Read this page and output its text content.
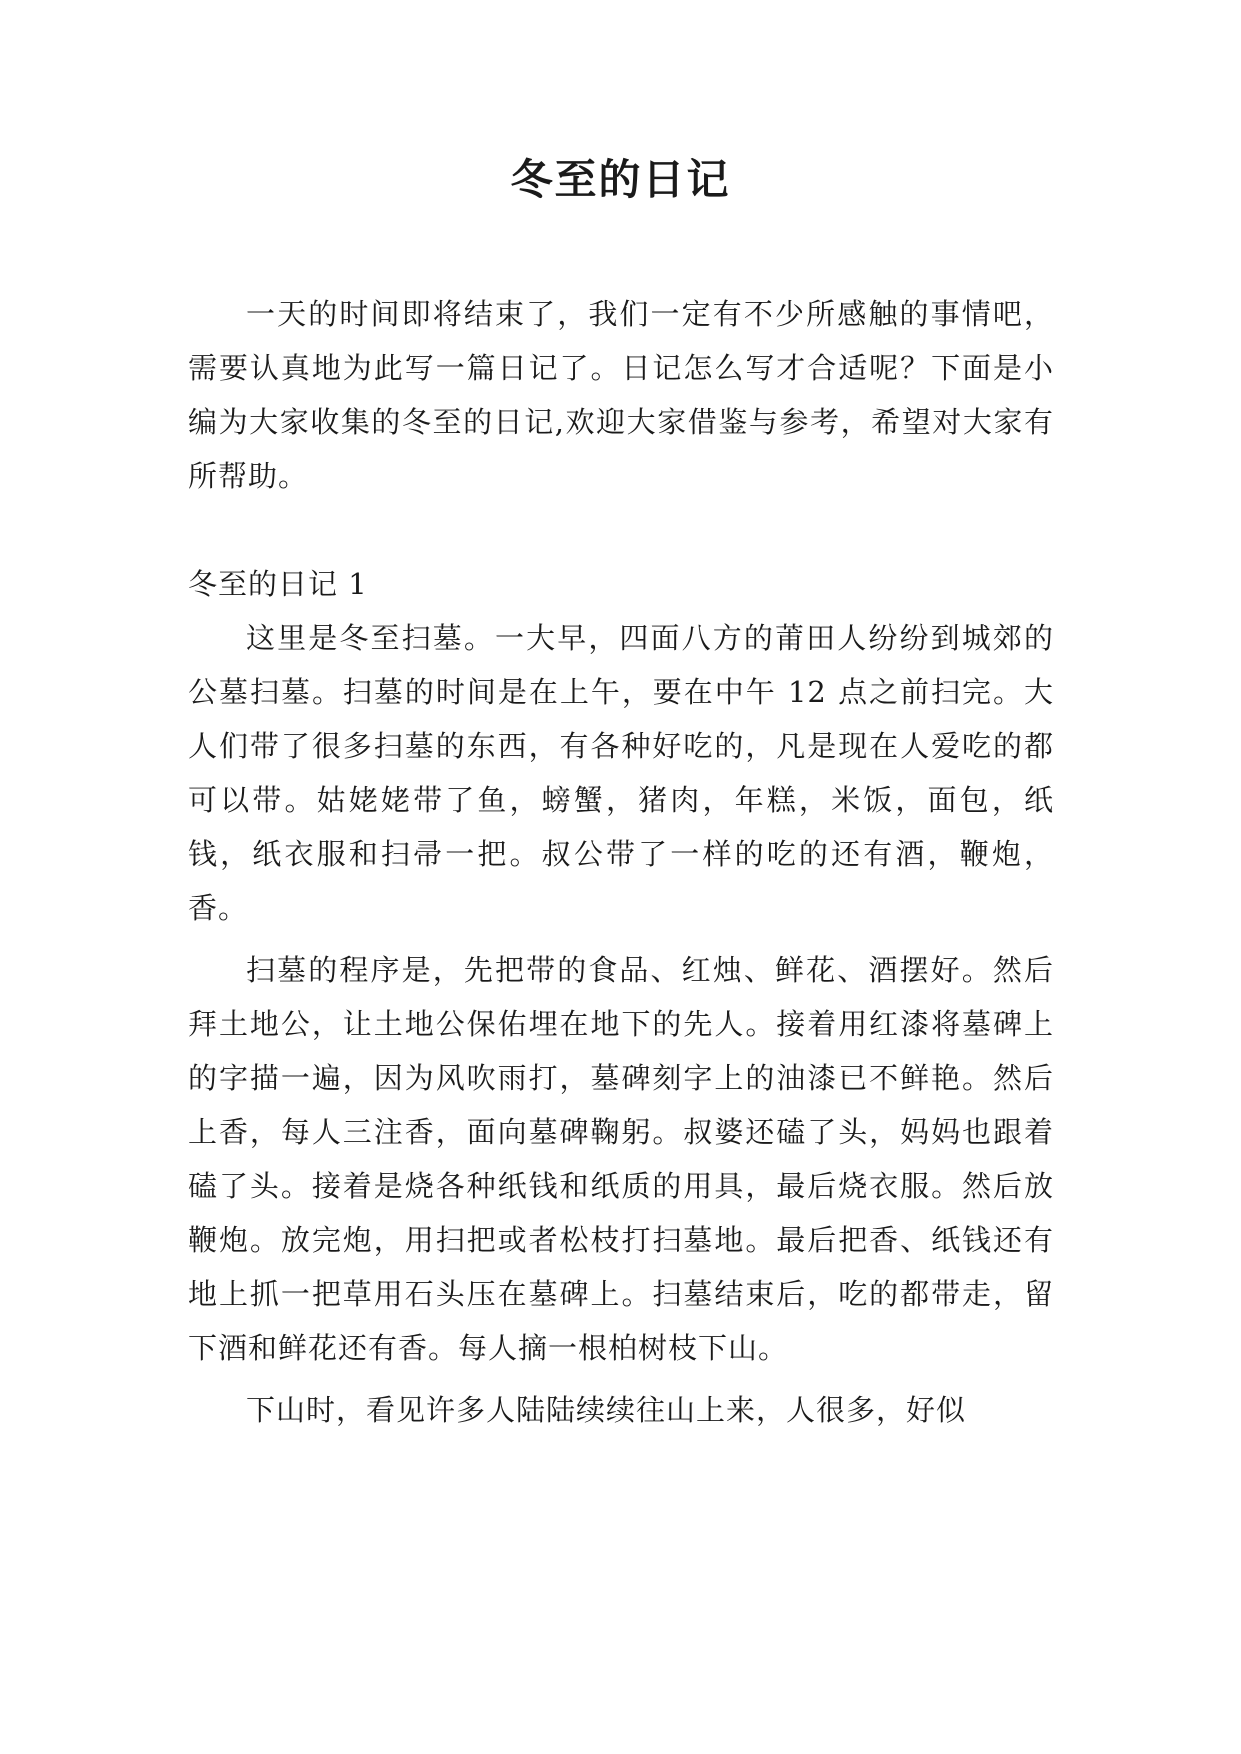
冬至的日记

一天的时间即将结束了，我们一定有不少所感触的事情吧，需要认真地为此写一篇日记了。日记怎么写才合适呢？下面是小编为大家收集的冬至的日记,欢迎大家借鉴与参考，希望对大家有所帮助。

冬至的日记 1

这里是冬至扫墓。一大早，四面八方的莆田人纷纷到城郊的公墓扫墓。扫墓的时间是在上午，要在中午 12 点之前扫完。大人们带了很多扫墓的东西，有各种好吃的，凡是现在人爱吃的都可以带。姑姥姥带了鱼，螃蟹，猪肉，年糕，米饭，面包，纸钱，纸衣服和扫帚一把。叔公带了一样的吃的还有酒，鞭炮，香。

扫墓的程序是，先把带的食品、红烛、鲜花、酒摆好。然后拜土地公，让土地公保佑埋在地下的先人。接着用红漆将墓碑上的字描一遍，因为风吹雨打，墓碑刻字上的油漆已不鲜艳。然后上香，每人三注香，面向墓碑鞠躬。叔婆还磕了头，妈妈也跟着磕了头。接着是烧各种纸钱和纸质的用具，最后烧衣服。然后放鞭炮。放完炮，用扫把或者松枝打扫墓地。最后把香、纸钱还有地上抓一把草用石头压在墓碑上。扫墓结束后，吃的都带走，留下酒和鲜花还有香。每人摘一根柏树枝下山。

下山时，看见许多人陆陆续续往山上来，人很多，好似
